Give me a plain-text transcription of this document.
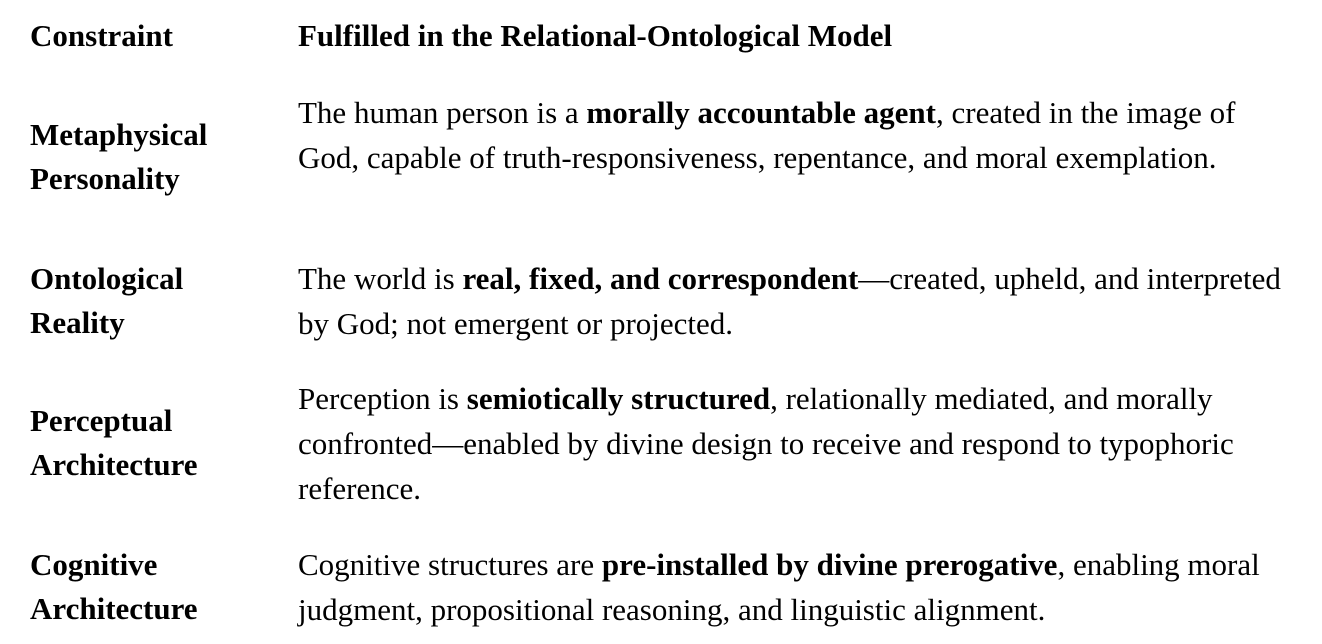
Constraint	Fulfilled in the Relational-Ontological Model
Metaphysical
Personality
The human person is a morally accountable agent, created in the image of God, capable of truth-responsiveness, repentance, and moral exemplation.
Ontological
Reality
The world is real, fixed, and correspondent—created, upheld, and interpreted by God; not emergent or projected.
Perceptual
Architecture
Perception is semiotically structured, relationally mediated, and morally confronted—enabled by divine design to receive and respond to typophoric reference.
Cognitive
Architecture
Cognitive structures are pre-installed by divine prerogative, enabling moral judgment, propositional reasoning, and linguistic alignment.
